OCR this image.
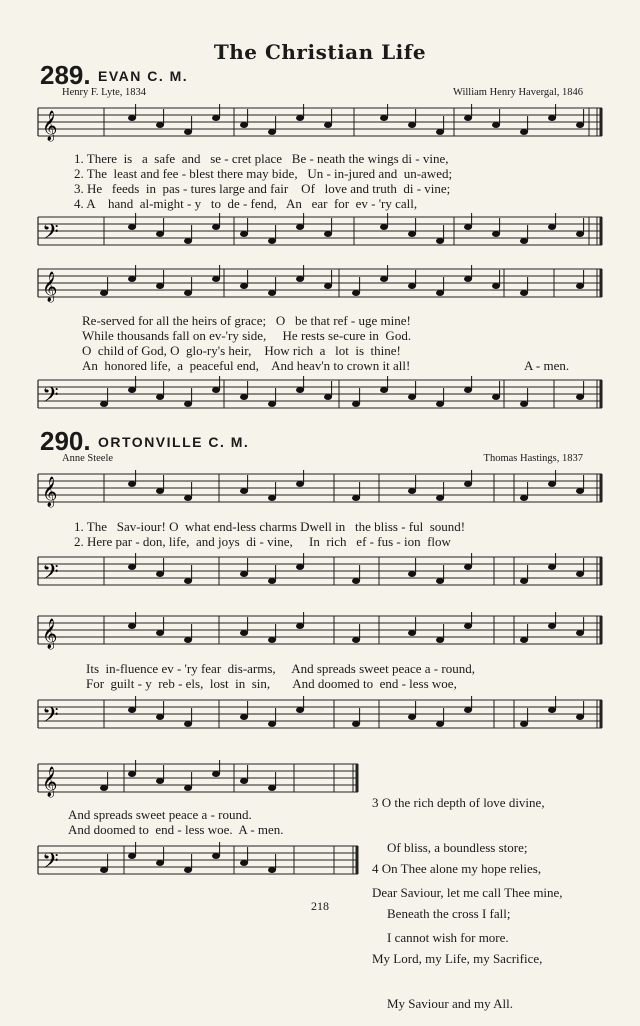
The Christian Life
289. EVAN C. M.
Henry F. Lyte, 1834	William Henry Havergal, 1846
𝄞
1. There  is   a  safe  and   se - cret place   Be - neath the wings di - vine,
2. The  least and fee - blest there may bide,   Un - in-jured and  un-awed;
3. He   feeds  in  pas - tures large and fair    Of   love and truth  di - vine;
4. A    hand  al-might - y   to  de - fend,   An   ear  for  ev - 'ry call,
𝄢
𝄞
Re-served for all the heirs of grace;   O   be that ref - uge mine!
While thousands fall on ev-'ry side,     He rests se-cure in  God.
O  child of God, O  glo-ry's heir,    How rich  a   lot  is  thine!
An  honored life,  a  peaceful end,    And heav'n to crown it all!	A - men.
𝄢
290. ORTONVILLE C. M.
Anne Steele	Thomas Hastings, 1837
𝄞
1. The   Sav-iour! O  what end-less charms Dwell in   the bliss - ful  sound!
2. Here par - don, life,  and joys  di - vine,     In  rich   ef - fus - ion  flow
𝄢
𝄞
Its  in-fluence ev - 'ry fear  dis-arms,     And spreads sweet peace a - round,
For  guilt - y  reb - els,  lost  in  sin,       And doomed to  end - less woe,
𝄢
𝄞
And spreads sweet peace a - round.
And doomed to  end - less woe.  A - men.
𝄢

3 O the rich depth of love divine,

Of bliss, a boundless store;

Dear Saviour, let me call Thee mine,

I cannot wish for more.

4 On Thee alone my hope relies,

Beneath the cross I fall;

My Lord, my Life, my Sacrifice,

My Saviour and my All.

218
